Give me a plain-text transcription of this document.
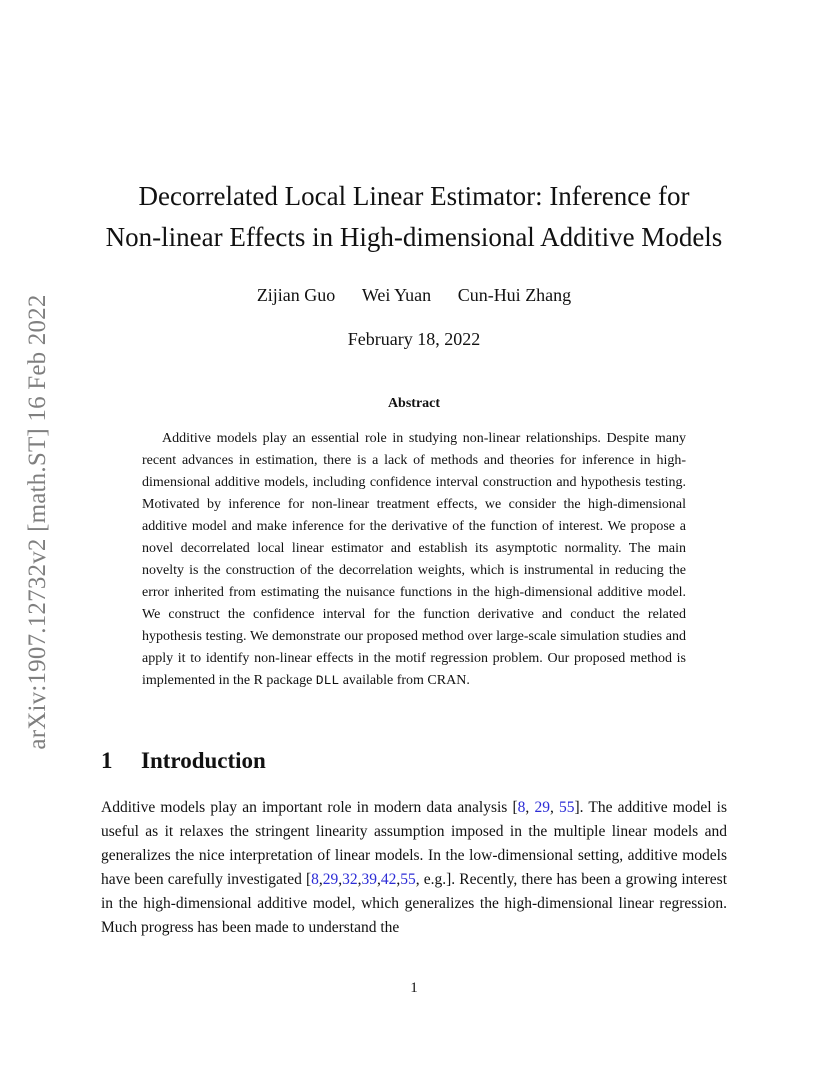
arXiv:1907.12732v2 [math.ST] 16 Feb 2022
Decorrelated Local Linear Estimator: Inference for
Non-linear Effects in High-dimensional Additive Models
Zijian Guo Wei Yuan Cun-Hui Zhang
February 18, 2022
Abstract

Additive models play an essential role in studying non-linear relationships. Despite many recent advances in estimation, there is a lack of methods and theories for inference in high-dimensional additive models, including confidence interval construction and hypothesis testing. Motivated by inference for non-linear treatment effects, we consider the high-dimensional additive model and make inference for the derivative of the function of interest. We propose a novel decorrelated local linear estimator and establish its asymptotic normality. The main novelty is the construction of the decorrelation weights, which is instrumental in reducing the error inherited from estimating the nuisance functions in the high-dimensional additive model. We construct the confidence interval for the function derivative and conduct the related hypothesis testing. We demonstrate our proposed method over large-scale simulation studies and apply it to identify non-linear effects in the motif regression problem. Our proposed method is implemented in the R package DLL available from CRAN.

1 Introduction

Additive models play an important role in modern data analysis [8, 29, 55]. The additive model is useful as it relaxes the stringent linearity assumption imposed in the multiple linear models and generalizes the nice interpretation of linear models. In the low-dimensional setting, additive models have been carefully investigated [8,29,32,39,42,55, e.g.]. Recently, there has been a growing interest in the high-dimensional additive model, which generalizes the high-dimensional linear regression. Much progress has been made to understand the

1
